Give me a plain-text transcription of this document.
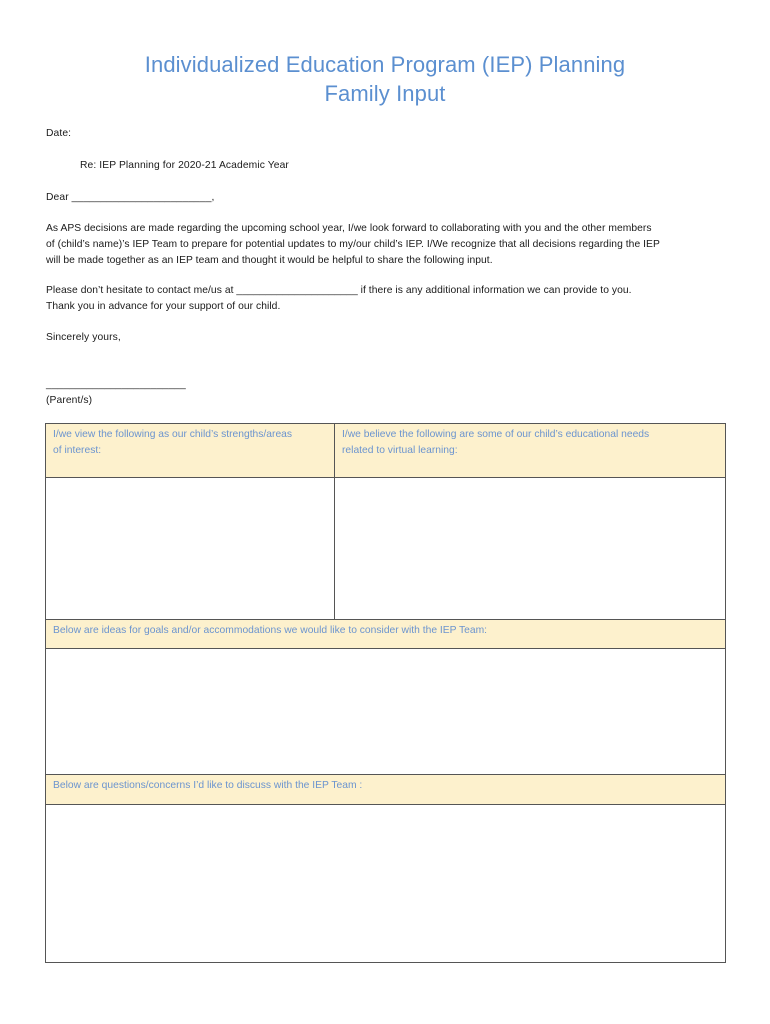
Individualized Education Program (IEP) Planning
Family Input
Date:
Re: IEP Planning for 2020-21 Academic Year
Dear ________________________,
As APS decisions are made regarding the upcoming school year, I/we look forward to collaborating with you and the other members
of (child’s name)’s IEP Team to prepare for potential updates to my/our child’s IEP. I/We recognize that all decisions regarding the IEP
will be made together as an IEP team and thought it would be helpful to share the following input.
Please don’t hesitate to contact me/us at _____________________ if there is any additional information we can provide to you.
Thank you in advance for your support of our child.
Sincerely yours,
________________________
(Parent/s)
I/we view the following as our child’s strengths/areas
of interest:
I/we believe the following are some of our child’s educational needs
related to virtual learning:
Below are ideas for goals and/or accommodations we would like to consider with the IEP Team:
Below are questions/concerns I’d like to discuss with the IEP Team :
